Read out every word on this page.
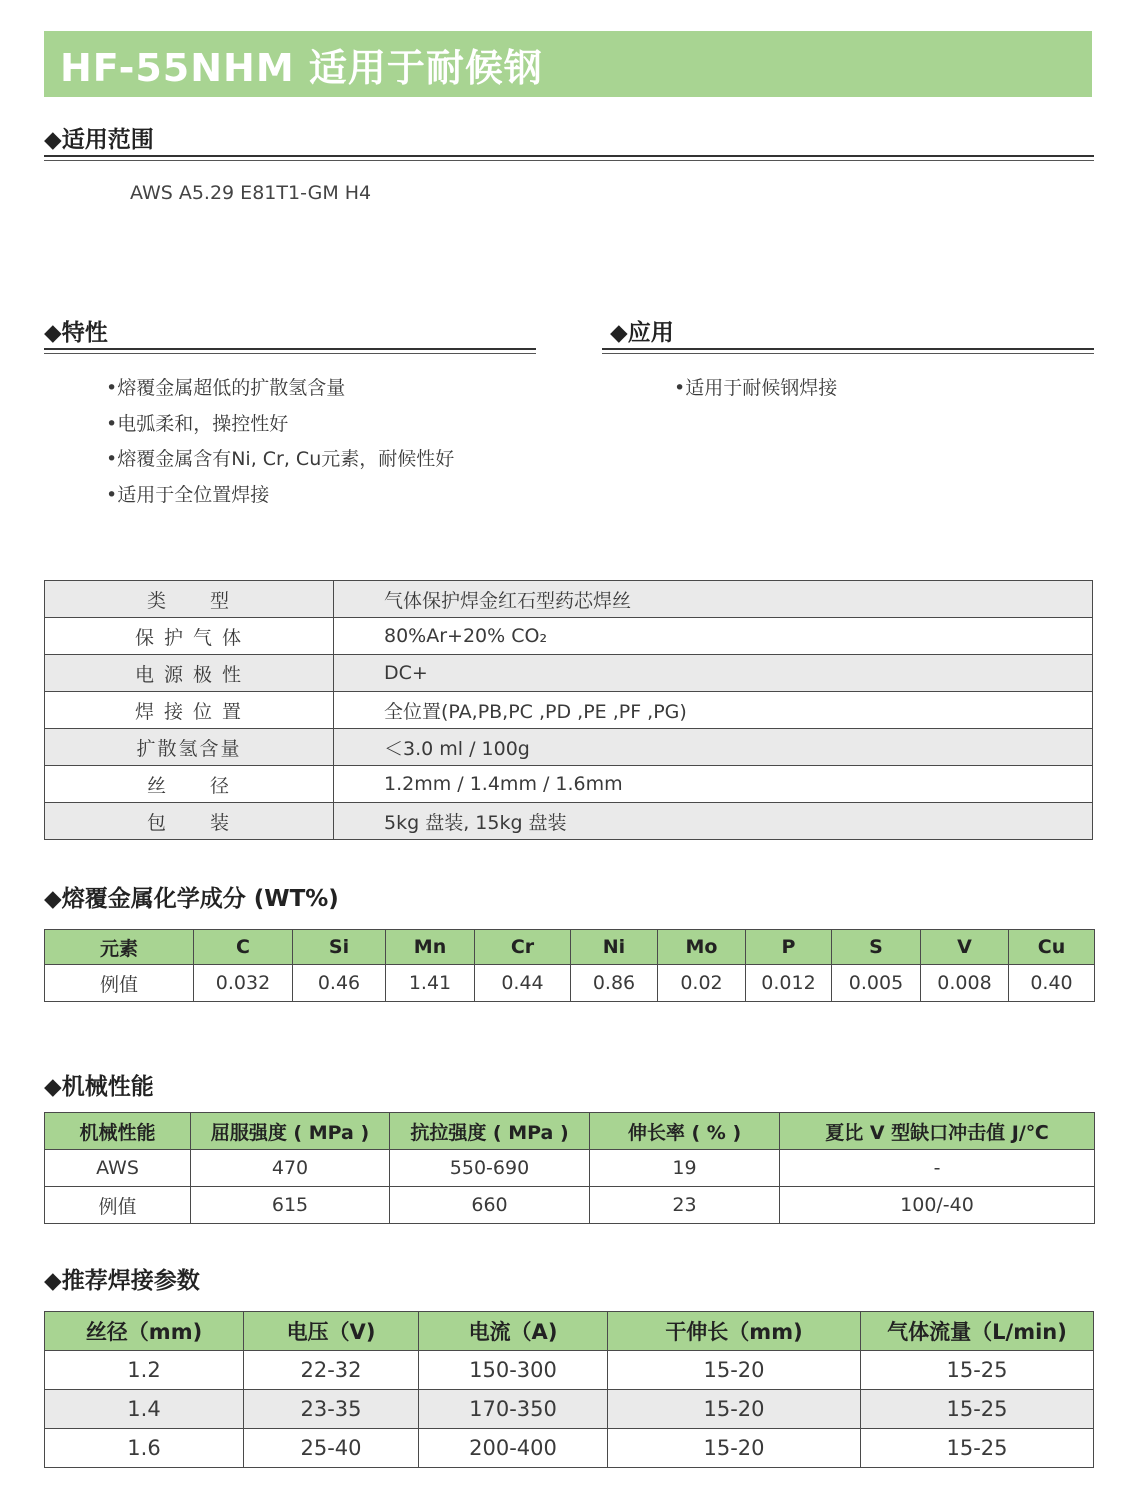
HF-55NHM 适用于耐候钢
◆适用范围
AWS A5.29 E81T1-GM H4
◆特性
•熔覆金属超低的扩散氢含量
•电弧柔和，操控性好
•熔覆金属含有Ni, Cr, Cu元素，耐候性好
•适用于全位置焊接
◆应用
•适用于耐候钢焊接
类　　型	气体保护焊金红石型药芯焊丝
保 护 气 体	80%Ar+20% CO₂
电 源 极 性	DC+
焊 接 位 置	全位置(PA,PB,PC ,PD ,PE ,PF ,PG)
扩散氢含量	＜3.0 ml / 100g
丝　　径	1.2mm / 1.4mm / 1.6mm
包　　装	5kg 盘装, 15kg 盘装
◆熔覆金属化学成分 (WT%)
元素	C	Si	Mn	Cr	Ni	Mo	P	S	V	Cu
例值	0.032	0.46	1.41	0.44	0.86	0.02	0.012	0.005	0.008	0.40
◆机械性能
机械性能	屈服强度 ( MPa )	抗拉强度 ( MPa )	伸长率 ( % )	夏比 V 型缺口冲击值 J/℃
AWS	470	550-690	19	-
例值	615	660	23	100/-40
◆推荐焊接参数
丝径（mm)	电压（V)	电流（A)	干伸长（mm)	气体流量（L/min)
1.2	22-32	150-300	15-20	15-25
1.4	23-35	170-350	15-20	15-25
1.6	25-40	200-400	15-20	15-25
